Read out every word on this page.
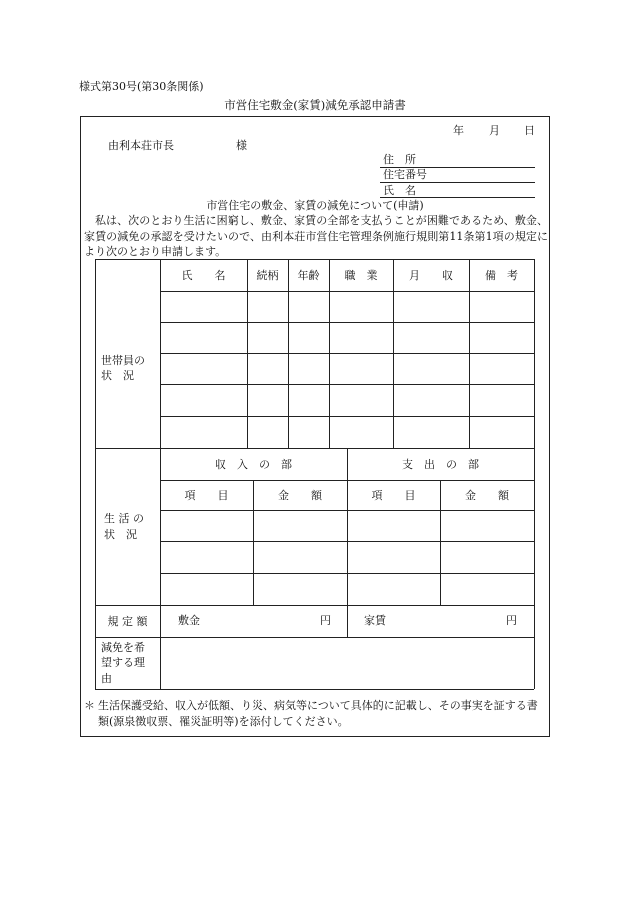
様式第30号(第30条関係)
市営住宅敷金(家賃)減免承認申請書
年 月 日
由利本荘市長	様
住　所
住宅番号
氏　名
市営住宅の敷金、家賃の減免について(申請)
私は、次のとおり生活に困窮し、敷金、家賃の全部を支払うことが困難であるため、敷金、家賃の減免の承認を受けたいので、由利本荘市営住宅管理条例施行規則第11条第1項の規定により次のとおり申請します。
氏　　名	続柄	年齢	職　業	月　　収	備　考
世帯員の
状　況
生 活 の
状　況
収　入　の　部	支　出　の　部
項　　目	金　　額	項　　目	金　　額
規 定 額	敷金	円	家賃	円
減免を希
望する理
由
＊ 生活保護受給、収入が低額、り災、病気等について具体的に記載し、その事実を証する書類(源泉徴収票、罹災証明等)を添付してください。
